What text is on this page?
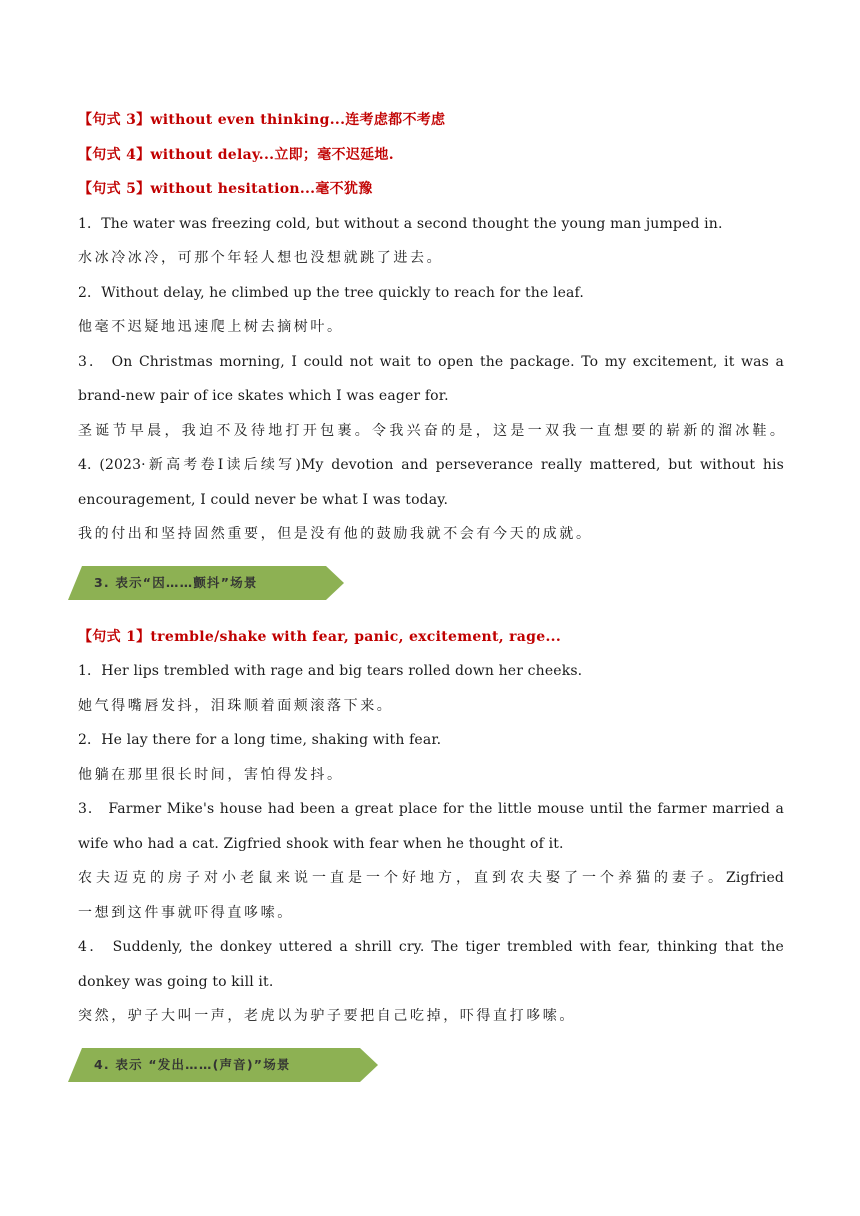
【句式 3】without even thinking...连考虑都不考虑
【句式 4】without delay...立即；毫不迟延地.
【句式 5】without hesitation...毫不犹豫
1．The water was freezing cold, but without a second thought the young man jumped in.
水冰冷冰冷，可那个年轻人想也没想就跳了进去。
2．Without delay, he climbed up the tree quickly to reach for the leaf.
他毫不迟疑地迅速爬上树去摘树叶。
3． On Christmas morning, I could not wait to open the package. To my excitement, it was a
brand-new pair of ice skates which I was eager for.
圣诞节早晨，我迫不及待地打开包裹。令我兴奋的是，这是一双我一直想要的崭新的溜冰鞋。
4. (2023·新高考卷Ⅰ读后续写)My devotion and perseverance really mattered, but without his
encouragement, I could never be what I was today.
我的付出和坚持固然重要，但是没有他的鼓励我就不会有今天的成就。
3. 表示“因……颤抖”场景
【句式 1】tremble/shake with fear, panic, excitement, rage...
1．Her lips trembled with rage and big tears rolled down her cheeks.
她气得嘴唇发抖，泪珠顺着面颊滚落下来。
2．He lay there for a long time, shaking with fear.
他躺在那里很长时间，害怕得发抖。
3． Farmer Mike's house had been a great place for the little mouse until the farmer married a
wife who had a cat. Zigfried shook with fear when he thought of it.
农夫迈克的房子对小老鼠来说一直是一个好地方，直到农夫娶了一个养猫的妻子。Zigfried
一想到这件事就吓得直哆嗦。
4． Suddenly, the donkey uttered a shrill cry. The tiger trembled with fear, thinking that the
donkey was going to kill it.
突然，驴子大叫一声，老虎以为驴子要把自己吃掉，吓得直打哆嗦。
4. 表示 “发出……(声音)”场景
